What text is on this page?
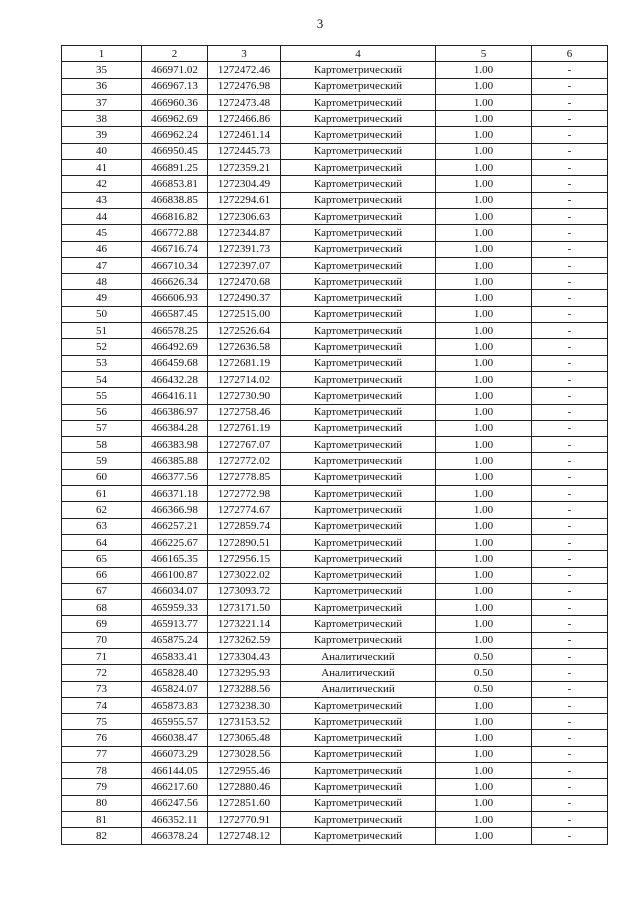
3
1	2	3	4	5	6
35	466971.02	1272472.46	Картометрический	1.00	-
36	466967.13	1272476.98	Картометрический	1.00	-
37	466960.36	1272473.48	Картометрический	1.00	-
38	466962.69	1272466.86	Картометрический	1.00	-
39	466962.24	1272461.14	Картометрический	1.00	-
40	466950.45	1272445.73	Картометрический	1.00	-
41	466891.25	1272359.21	Картометрический	1.00	-
42	466853.81	1272304.49	Картометрический	1.00	-
43	466838.85	1272294.61	Картометрический	1.00	-
44	466816.82	1272306.63	Картометрический	1.00	-
45	466772.88	1272344.87	Картометрический	1.00	-
46	466716.74	1272391.73	Картометрический	1.00	-
47	466710.34	1272397.07	Картометрический	1.00	-
48	466626.34	1272470.68	Картометрический	1.00	-
49	466606.93	1272490.37	Картометрический	1.00	-
50	466587.45	1272515.00	Картометрический	1.00	-
51	466578.25	1272526.64	Картометрический	1.00	-
52	466492.69	1272636.58	Картометрический	1.00	-
53	466459.68	1272681.19	Картометрический	1.00	-
54	466432.28	1272714.02	Картометрический	1.00	-
55	466416.11	1272730.90	Картометрический	1.00	-
56	466386.97	1272758.46	Картометрический	1.00	-
57	466384.28	1272761.19	Картометрический	1.00	-
58	466383.98	1272767.07	Картометрический	1.00	-
59	466385.88	1272772.02	Картометрический	1.00	-
60	466377.56	1272778.85	Картометрический	1.00	-
61	466371.18	1272772.98	Картометрический	1.00	-
62	466366.98	1272774.67	Картометрический	1.00	-
63	466257.21	1272859.74	Картометрический	1.00	-
64	466225.67	1272890.51	Картометрический	1.00	-
65	466165.35	1272956.15	Картометрический	1.00	-
66	466100.87	1273022.02	Картометрический	1.00	-
67	466034.07	1273093.72	Картометрический	1.00	-
68	465959.33	1273171.50	Картометрический	1.00	-
69	465913.77	1273221.14	Картометрический	1.00	-
70	465875.24	1273262.59	Картометрический	1.00	-
71	465833.41	1273304.43	Аналитический	0.50	-
72	465828.40	1273295.93	Аналитический	0.50	-
73	465824.07	1273288.56	Аналитический	0.50	-
74	465873.83	1273238.30	Картометрический	1.00	-
75	465955.57	1273153.52	Картометрический	1.00	-
76	466038.47	1273065.48	Картометрический	1.00	-
77	466073.29	1273028.56	Картометрический	1.00	-
78	466144.05	1272955.46	Картометрический	1.00	-
79	466217.60	1272880.46	Картометрический	1.00	-
80	466247.56	1272851.60	Картометрический	1.00	-
81	466352.11	1272770.91	Картометрический	1.00	-
82	466378.24	1272748.12	Картометрический	1.00	-
